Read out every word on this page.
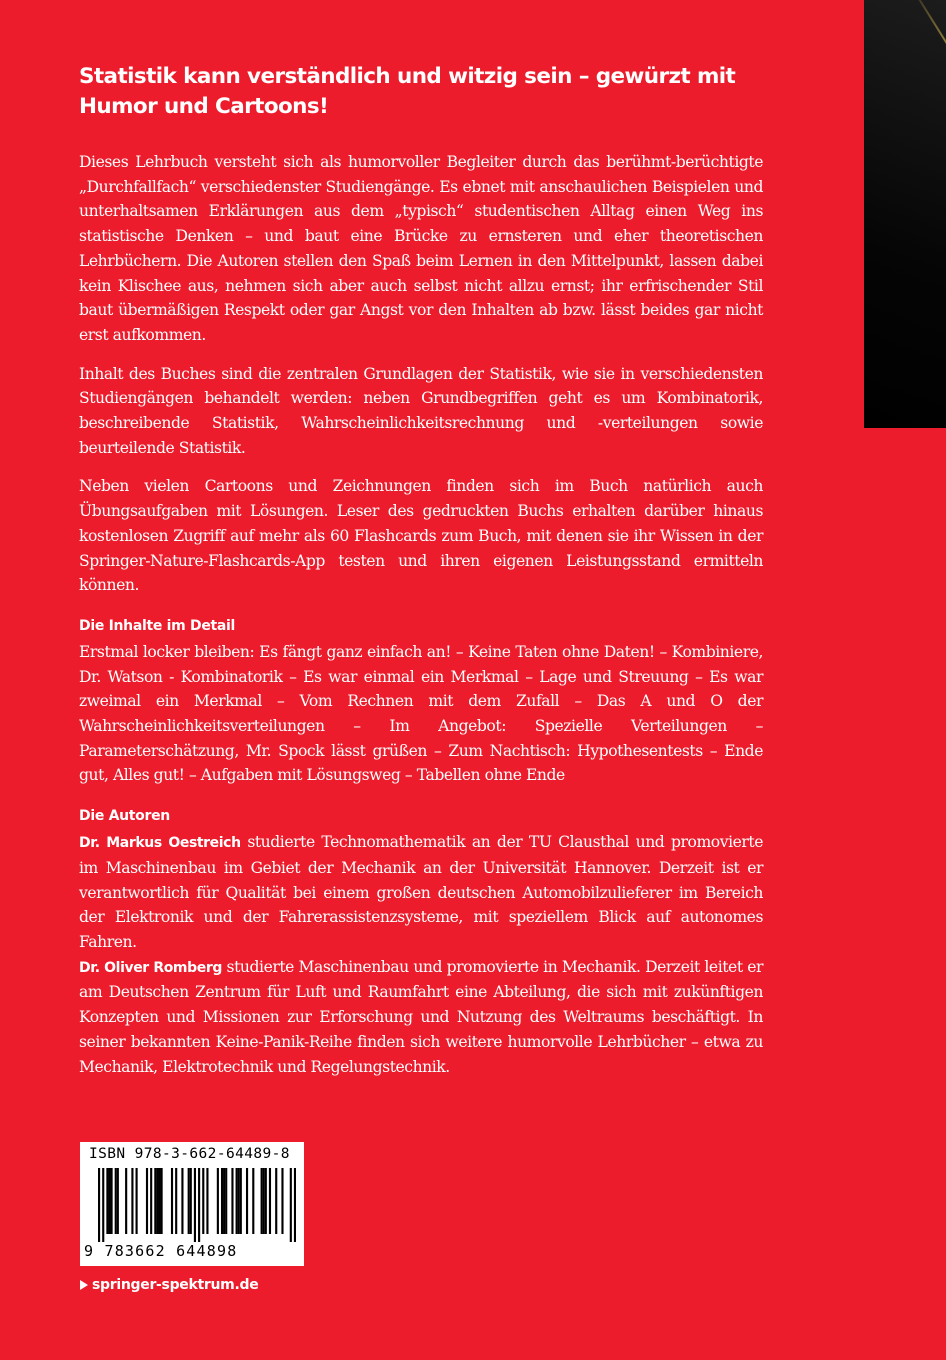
Statistik kann verständlich und witzig sein – gewürzt mit Humor und Cartoons!

Dieses Lehrbuch versteht sich als humorvoller Begleiter durch das berühmt-berüchtigte „Durchfallfach“ verschiedenster Studiengänge. Es ebnet mit anschaulichen Beispielen und unterhaltsamen Erklärungen aus dem „typisch“ studentischen Alltag einen Weg ins statistische Denken – und baut eine Brücke zu ernsteren und eher theoretischen Lehrbüchern. Die Autoren stellen den Spaß beim Lernen in den Mittelpunkt, lassen dabei kein Klischee aus, nehmen sich aber auch selbst nicht allzu ernst; ihr erfrischender Stil baut übermäßigen Respekt oder gar Angst vor den Inhalten ab bzw. lässt beides gar nicht erst aufkommen.

Inhalt des Buches sind die zentralen Grundlagen der Statistik, wie sie in verschiedensten Studiengängen behandelt werden: neben Grundbegriffen geht es um Kombinatorik, beschreibende Statistik, Wahrscheinlichkeitsrechnung und -verteilungen sowie beurteilende Statistik.

Neben vielen Cartoons und Zeichnungen finden sich im Buch natürlich auch Übungsaufgaben mit Lösungen. Leser des gedruckten Buchs erhalten darüber hinaus kostenlosen Zugriff auf mehr als 60 Flashcards zum Buch, mit denen sie ihr Wissen in der Springer-Nature-Flashcards-App testen und ihren eigenen Leistungsstand ermitteln können.

Die Inhalte im Detail

Erstmal locker bleiben: Es fängt ganz einfach an! – Keine Taten ohne Daten! – Kombiniere, Dr. Watson - Kombinatorik – Es war einmal ein Merkmal – Lage und Streuung – Es war zweimal ein Merkmal – Vom Rechnen mit dem Zufall – Das A und O der Wahrscheinlichkeitsverteilungen – Im Angebot: Spezielle Verteilungen – Parameterschätzung, Mr. Spock lässt grüßen – Zum Nachtisch: Hypothesentests – Ende gut, Alles gut! – Aufgaben mit Lösungsweg – Tabellen ohne Ende

Die Autoren

Dr. Markus Oestreich studierte Technomathematik an der TU Clausthal und promovierte im Maschinenbau im Gebiet der Mechanik an der Universität Hannover. Derzeit ist er verantwortlich für Qualität bei einem großen deutschen Automobilzulieferer im Bereich der Elektronik und der Fahrerassistenzsysteme, mit speziellem Blick auf autonomes Fahren.

Dr. Oliver Romberg studierte Maschinenbau und promovierte in Mechanik. Derzeit leitet er am Deutschen Zentrum für Luft und Raumfahrt eine Abteilung, die sich mit zukünftigen Konzepten und Missionen zur Erforschung und Nutzung des Weltraums beschäftigt. In seiner bekannten Keine-Panik-Reihe finden sich weitere humorvolle Lehrbücher – etwa zu Mechanik, Elektrotechnik und Regelungstechnik.

ISBN 978-3-662-64489-8
9 783662 644898
springer-spektrum.de
